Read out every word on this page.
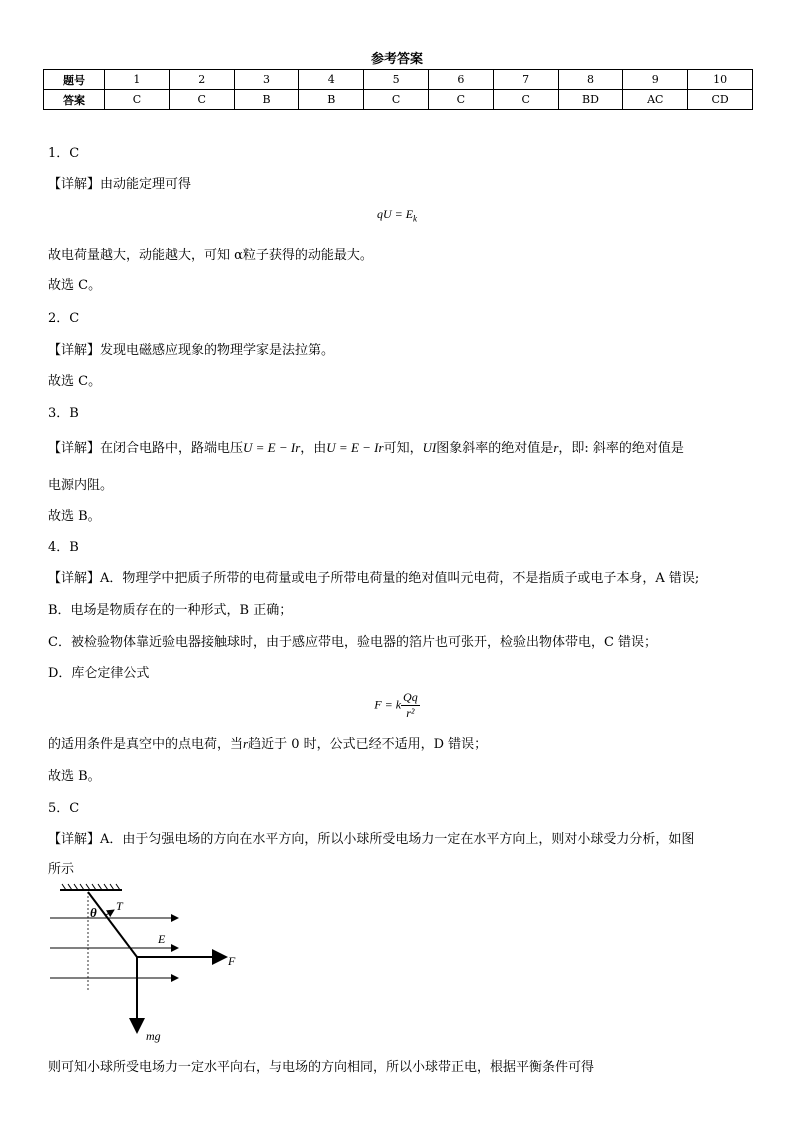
参考答案
题号	1	2	3	4	5	6	7	8	9	10
答案	C	C	B	B	C	C	C	BD	AC	CD
1．C
【详解】由动能定理可得
qU = $E_k$
故电荷量越大，动能越大，可知 α粒子获得的动能最大。
故选 C。
2．C
【详解】发现电磁感应现象的物理学家是法拉第。
故选 C。
3．B
【详解】在闭合电路中，路端电压U = E − Ir，由U = E − Ir可知，UI图象斜率的绝对值是r，即: 斜率的绝对值是
电源内阻。
故选 B。
4．B
【详解】A．物理学中把质子所带的电荷量或电子所带电荷量的绝对值叫元电荷，不是指质子或电子本身，A 错误;
B．电场是物质存在的一种形式，B 正确；
C．被检验物体靠近验电器接触球时，由于感应带电，验电器的箔片也可张开，检验出物体带电，C 错误；
D．库仑定律公式
F = k $\frac{Qq}{\text{r²}}$
的适用条件是真空中的点电荷，当r趋近于 0 时，公式已经不适用，D 错误；
故选 B。
5．C
【详解】A．由于匀强电场的方向在水平方向，所以小球所受电场力一定在水平方向上，则对小球受力分析，如图
所示
θ T
E
F
mg
则可知小球所受电场力一定水平向右，与电场的方向相同，所以小球带正电，根据平衡条件可得
